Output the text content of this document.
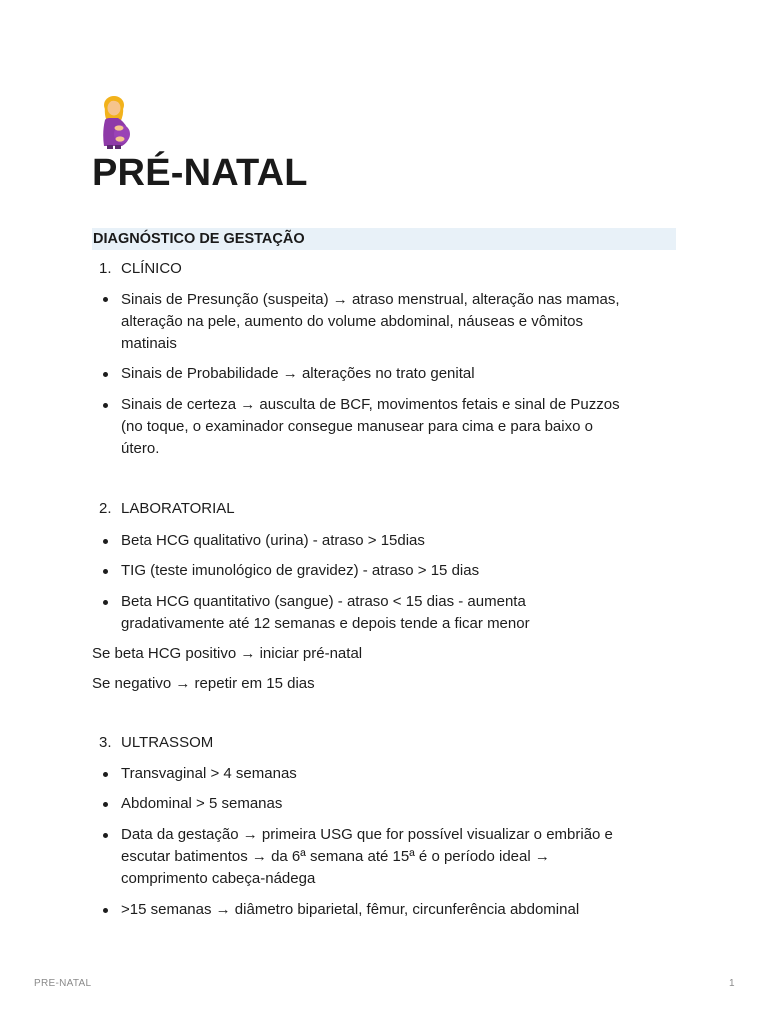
PRÉ-NATAL
DIAGNÓSTICO DE GESTAÇÃO
1. CLÍNICO
Sinais de Presunção (suspeita) → atraso menstrual, alteração nas mamas,
alteração na pele, aumento do volume abdominal, náuseas e vômitos
matinais
Sinais de Probabilidade → alterações no trato genital
Sinais de certeza → ausculta de BCF, movimentos fetais e sinal de Puzzos
(no toque, o examinador consegue manusear para cima e para baixo o
útero.
2. LABORATORIAL
Beta HCG qualitativo (urina) - atraso > 15dias
TIG (teste imunológico de gravidez) - atraso > 15 dias
Beta HCG quantitativo (sangue) - atraso < 15 dias - aumenta
gradativamente até 12 semanas e depois tende a ficar menor
Se beta HCG positivo → iniciar pré-natal
Se negativo → repetir em 15 dias
3. ULTRASSOM
Transvaginal > 4 semanas
Abdominal > 5 semanas
Data da gestação → primeira USG que for possível visualizar o embrião e
escutar batimentos → da 6ª semana até 15ª é o período ideal →
comprimento cabeça-nádega
>15 semanas → diâmetro biparietal, fêmur, circunferência abdominal
PRE-NATAL	1
